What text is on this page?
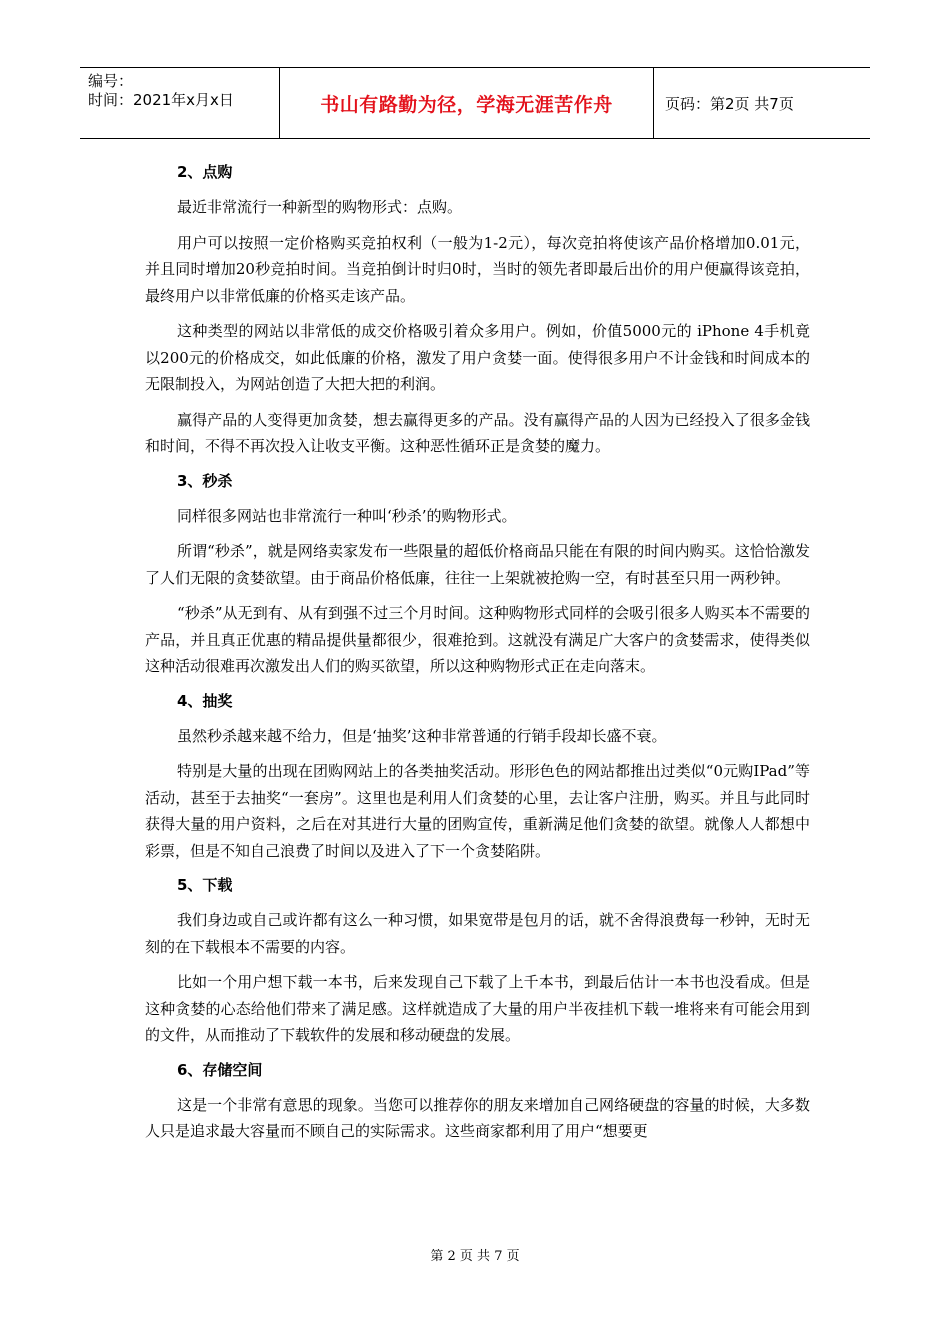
编号：
时间：2021年x月x日	书山有路勤为径，学海无涯苦作舟	页码：第2页 共7页
2、点购

最近非常流行一种新型的购物形式：点购。

用户可以按照一定价格购买竞拍权利（一般为1-2元），每次竞拍将使该产品价格增加0.01元，并且同时增加20秒竞拍时间。当竞拍倒计时归0时，当时的领先者即最后出价的用户便赢得该竞拍，最终用户以非常低廉的价格买走该产品。

这种类型的网站以非常低的成交价格吸引着众多用户。例如，价值5000元的 iPhone 4手机竟以200元的价格成交，如此低廉的价格，激发了用户贪婪一面。使得很多用户不计金钱和时间成本的无限制投入，为网站创造了大把大把的利润。

赢得产品的人变得更加贪婪，想去赢得更多的产品。没有赢得产品的人因为已经投入了很多金钱和时间，不得不再次投入让收支平衡。这种恶性循环正是贪婪的魔力。

3、秒杀

同样很多网站也非常流行一种叫‘秒杀’的购物形式。

所谓“秒杀”，就是网络卖家发布一些限量的超低价格商品只能在有限的时间内购买。这恰恰激发了人们无限的贪婪欲望。由于商品价格低廉，往往一上架就被抢购一空，有时甚至只用一两秒钟。

“秒杀”从无到有、从有到强不过三个月时间。这种购物形式同样的会吸引很多人购买本不需要的产品，并且真正优惠的精品提供量都很少，很难抢到。这就没有满足广大客户的贪婪需求，使得类似这种活动很难再次激发出人们的购买欲望，所以这种购物形式正在走向落末。

4、抽奖

虽然秒杀越来越不给力，但是‘抽奖’这种非常普通的行销手段却长盛不衰。

特别是大量的出现在团购网站上的各类抽奖活动。形形色色的网站都推出过类似“0元购IPad”等活动，甚至于去抽奖“一套房”。这里也是利用人们贪婪的心里，去让客户注册，购买。并且与此同时获得大量的用户资料，之后在对其进行大量的团购宣传，重新满足他们贪婪的欲望。就像人人都想中彩票，但是不知自己浪费了时间以及进入了下一个贪婪陷阱。

5、下载

我们身边或自己或许都有这么一种习惯，如果宽带是包月的话，就不舍得浪费每一秒钟，无时无刻的在下载根本不需要的内容。

比如一个用户想下载一本书，后来发现自己下载了上千本书，到最后估计一本书也没看成。但是这种贪婪的心态给他们带来了满足感。这样就造成了大量的用户半夜挂机下载一堆将来有可能会用到的文件，从而推动了下载软件的发展和移动硬盘的发展。

6、存储空间

这是一个非常有意思的现象。当您可以推荐你的朋友来增加自己网络硬盘的容量的时候，大多数人只是追求最大容量而不顾自己的实际需求。这些商家都利用了用户“想要更

第 2 页 共 7 页
